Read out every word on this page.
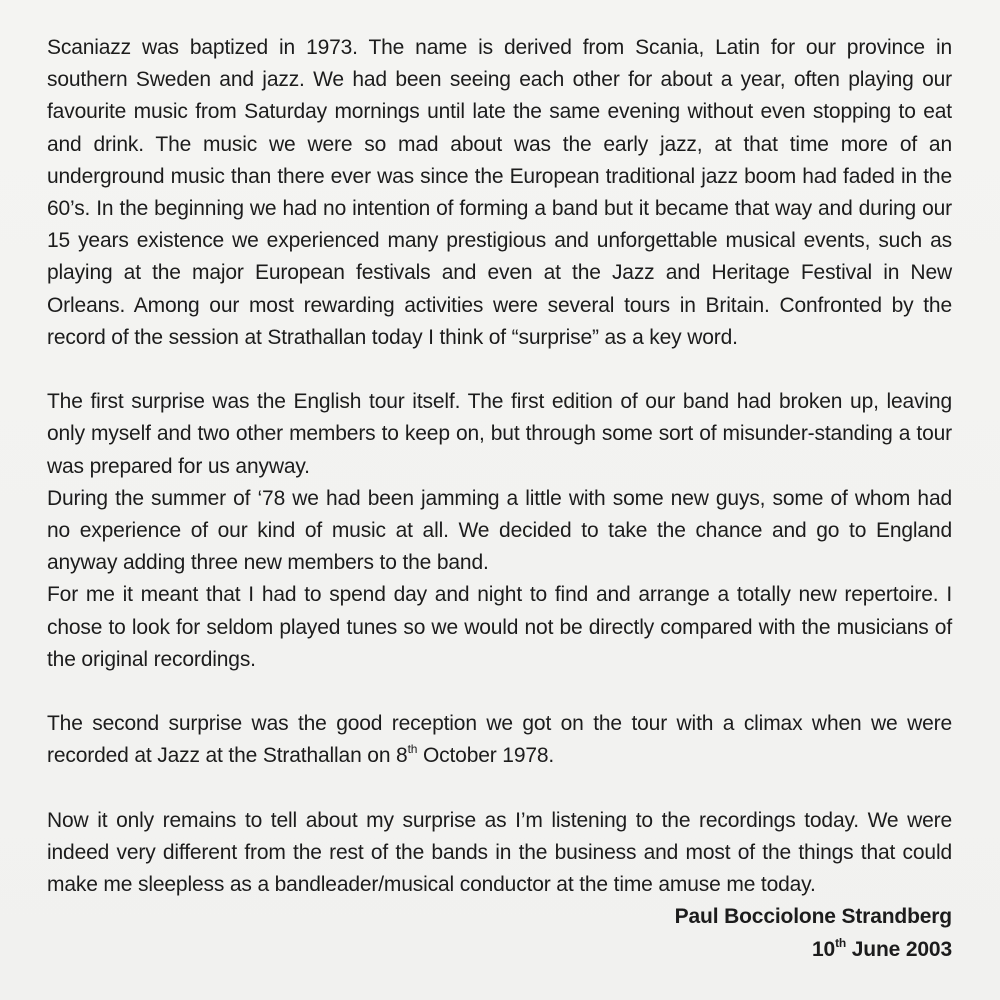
Scaniazz was baptized in 1973. The name is derived from Scania, Latin for our province in southern Sweden and jazz. We had been seeing each other for about a year, often playing our favourite music from Saturday mornings until late the same evening without even stopping to eat and drink. The music we were so mad about was the early jazz, at that time more of an underground music than there ever was since the European traditional jazz boom had faded in the 60’s. In the beginning we had no intention of forming a band but it became that way and during our 15 years existence we experienced many prestigious and unforgettable musical events, such as playing at the major European festivals and even at the Jazz and Heritage Festival in New Orleans. Among our most rewarding activities were several tours in Britain. Confronted by the record of the session at Strathallan today I think of “surprise” as a key word.

The first surprise was the English tour itself. The first edition of our band had broken up, leaving only myself and two other members to keep on, but through some sort of misunder-standing a tour was prepared for us anyway.

During the summer of ‘78 we had been jamming a little with some new guys, some of whom had no experience of our kind of music at all. We decided to take the chance and go to England anyway adding three new members to the band.

For me it meant that I had to spend day and night to find and arrange a totally new repertoire. I chose to look for seldom played tunes so we would not be directly compared with the musicians of the original recordings.

The second surprise was the good reception we got on the tour with a climax when we were recorded at Jazz at the Strathallan on 8th October 1978.

Now it only remains to tell about my surprise as I’m listening to the recordings today. We were indeed very different from the rest of the bands in the business and most of the things that could make me sleepless as a bandleader/musical conductor at the time amuse me today.

Paul Bocciolone Strandberg

10th June 2003
